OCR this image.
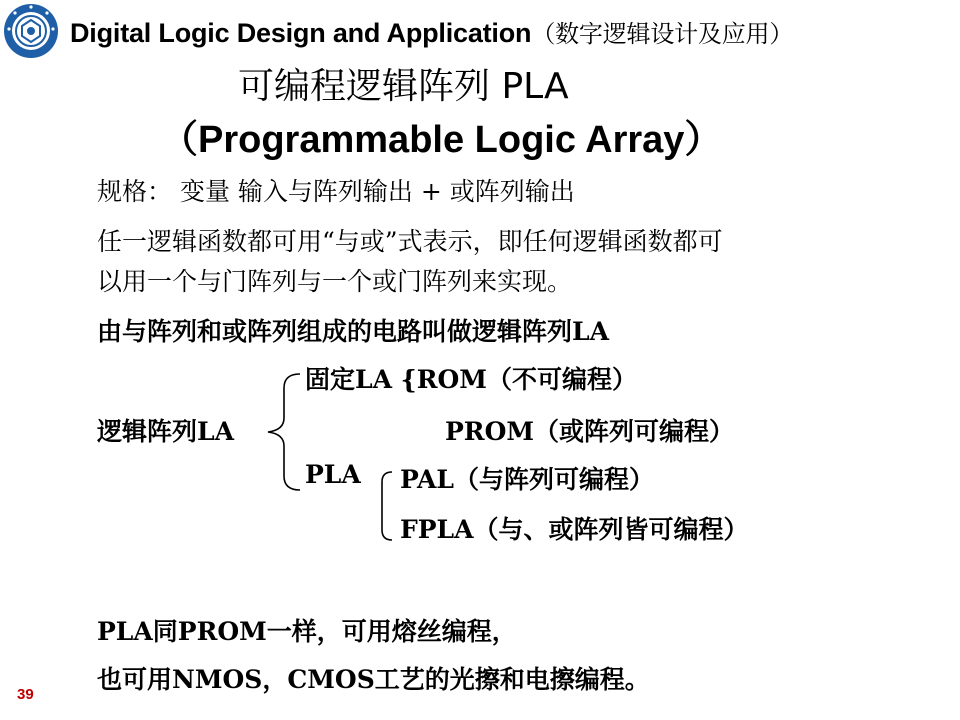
Digital Logic Design and Application（数字逻辑设计及应用）
可编程逻辑阵列 PLA
（Programmable Logic Array）
规格： 变量 输入与阵列输出 + 或阵列输出
任一逻辑函数都可用“与或”式表示，即任何逻辑函数都可
以用一个与门阵列与一个或门阵列来实现。
由与阵列和或阵列组成的电路叫做逻辑阵列LA
固定LA {ROM（不可编程）
逻辑阵列LA	PROM（或阵列可编程）
PLA PAL（与阵列可编程）
FPLA（与、或阵列皆可编程）
PLA同PROM一样，可用熔丝编程，
也可用NMOS，CMOS工艺的光擦和电擦编程。
39
